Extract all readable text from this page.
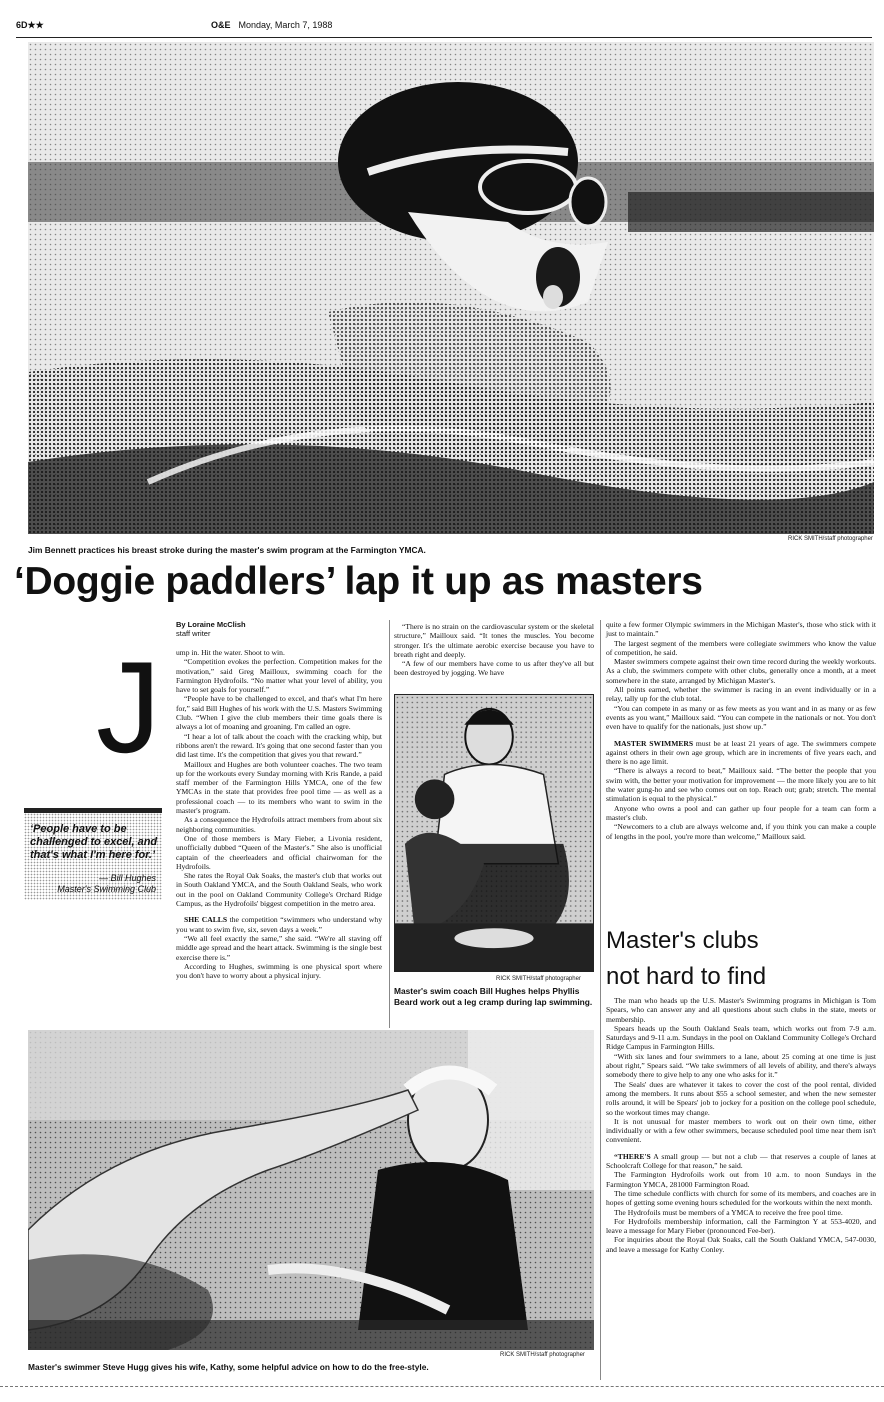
6D★★	O&E Monday, March 7, 1988
RICK SMITH/staff photographer
Jim Bennett practices his breast stroke during the master's swim program at the Farmington YMCA.
‘Doggie paddlers’ lap it up as masters
By Loraine McClish
staff writer
J ump in. Hit the water. Shoot to win.

“Competition evokes the perfection. Competition makes for the motivation,” said Greg Mailloux, swimming coach for the Farmington Hydrofoils. “No matter what your level of ability, you have to set goals for yourself.”

“People have to be challenged to excel, and that's what I'm here for,” said Bill Hughes of his work with the U.S. Masters Swimming Club. “When I give the club members their time goals there is always a lot of moaning and groaning. I'm called an ogre.

“I hear a lot of talk about the coach with the cracking whip, but ribbons aren't the reward. It's going that one second faster than you did last time. It's the competition that gives you that reward.”

Mailloux and Hughes are both volunteer coaches. The two team up for the workouts every Sunday morning with Kris Rande, a paid staff member of the Farmington Hills YMCA, one of the few YMCAs in the state that provides free pool time — as well as a professional coach — to its members who want to swim in the master's program.

As a consequence the Hydrofoils attract members from about six neighboring communities.

One of those members is Mary Fieber, a Livonia resident, unofficially dubbed “Queen of the Master's.” She also is unofficial captain of the cheerleaders and official chairwoman for the Hydrofoils.

She rates the Royal Oak Soaks, the master's club that works out in South Oakland YMCA, and the South Oakland Seals, who work out in the pool on Oakland Community College's Orchard Ridge Campus, as the Hydrofoils' biggest competition in the metro area.

SHE CALLS the competition “swimmers who understand why you want to swim five, six, seven days a week.”

“We all feel exactly the same,” she said. “We're all staving off middle age spread and the heart attack. Swimming is the single best exercise there is.”

According to Hughes, swimming is one physical sport where you don't have to worry about a physical injury.

‘People have to be challenged to excel, and that's what I'm here for.’
— Bill Hughes
Master's Swimming Club

“There is no strain on the cardiovascular system or the skeletal structure,” Mailloux said. “It tones the muscles. You become stronger. It's the ultimate aerobic exercise because you have to breath right and deeply.

“A few of our members have come to us after they've all but been destroyed by jogging. We have

RICK SMITH/staff photographer
Master's swim coach Bill Hughes helps Phyllis Beard work out a leg cramp during lap swimming.

quite a few former Olympic swimmers in the Michigan Master's, those who stick with it just to maintain.”

The largest segment of the members were collegiate swimmers who know the value of competition, he said.

Master swimmers compete against their own time record during the weekly workouts. As a club, the swimmers compete with other clubs, generally once a month, at a meet somewhere in the state, arranged by Michigan Master's.

All points earned, whether the swimmer is racing in an event individually or in a relay, tally up for the club total.

“You can compete in as many or as few meets as you want and in as many or as few events as you want,” Mailloux said. “You can compete in the nationals or not. You don't even have to qualify for the nationals, just show up.”

MASTER SWIMMERS must be at least 21 years of age. The swimmers compete against others in their own age group, which are in increments of five years each, and there is no age limit.

“There is always a record to beat,” Mailloux said. “The better the people that you swim with, the better your motivation for improvement — the more likely you are to hit the water gung-ho and see who comes out on top. Reach out; grab; stretch. The mental stimulation is equal to the physical.”

Anyone who owns a pool and can gather up four people for a team can form a master's club.

“Newcomers to a club are always welcome and, if you think you can make a couple of lengths in the pool, you're more than welcome,” Mailloux said.

Master's clubs
not hard to find

The man who heads up the U.S. Master's Swimming programs in Michigan is Tom Spears, who can answer any and all questions about such clubs in the state, meets or membership.

Spears heads up the South Oakland Seals team, which works out from 7-9 a.m. Saturdays and 9-11 a.m. Sundays in the pool on Oakland Community College's Orchard Ridge Campus in Farmington Hills.

“With six lanes and four swimmers to a lane, about 25 coming at one time is just about right,” Spears said. “We take swimmers of all levels of ability, and there's always somebody there to give help to any one who asks for it.”

The Seals' dues are whatever it takes to cover the cost of the pool rental, divided among the members. It runs about $55 a school semester, and when the new semester rolls around, it will be Spears' job to jockey for a position on the college pool schedule, so the workout times may change.

It is not unusual for master members to work out on their own time, either individually or with a few other swimmers, because scheduled pool time near them isn't convenient.

“THERE'S A small group — but not a club — that reserves a couple of lanes at Schoolcraft College for that reason,” he said.

The Farmington Hydrofoils work out from 10 a.m. to noon Sundays in the Farmington YMCA, 281000 Farmington Road.

The time schedule conflicts with church for some of its members, and coaches are in hopes of getting some evening hours scheduled for the workouts within the next month.

The Hydrofoils must be members of a YMCA to receive the free pool time.

For Hydrofoils membership information, call the Farmington Y at 553-4020, and leave a message for Mary Fieber (pronounced Fee-ber).

For inquiries about the Royal Oak Soaks, call the South Oakland YMCA, 547-0030, and leave a message for Kathy Conley.

RICK SMITH/staff photographer
Master's swimmer Steve Hugg gives his wife, Kathy, some helpful advice on how to do the free-style.
